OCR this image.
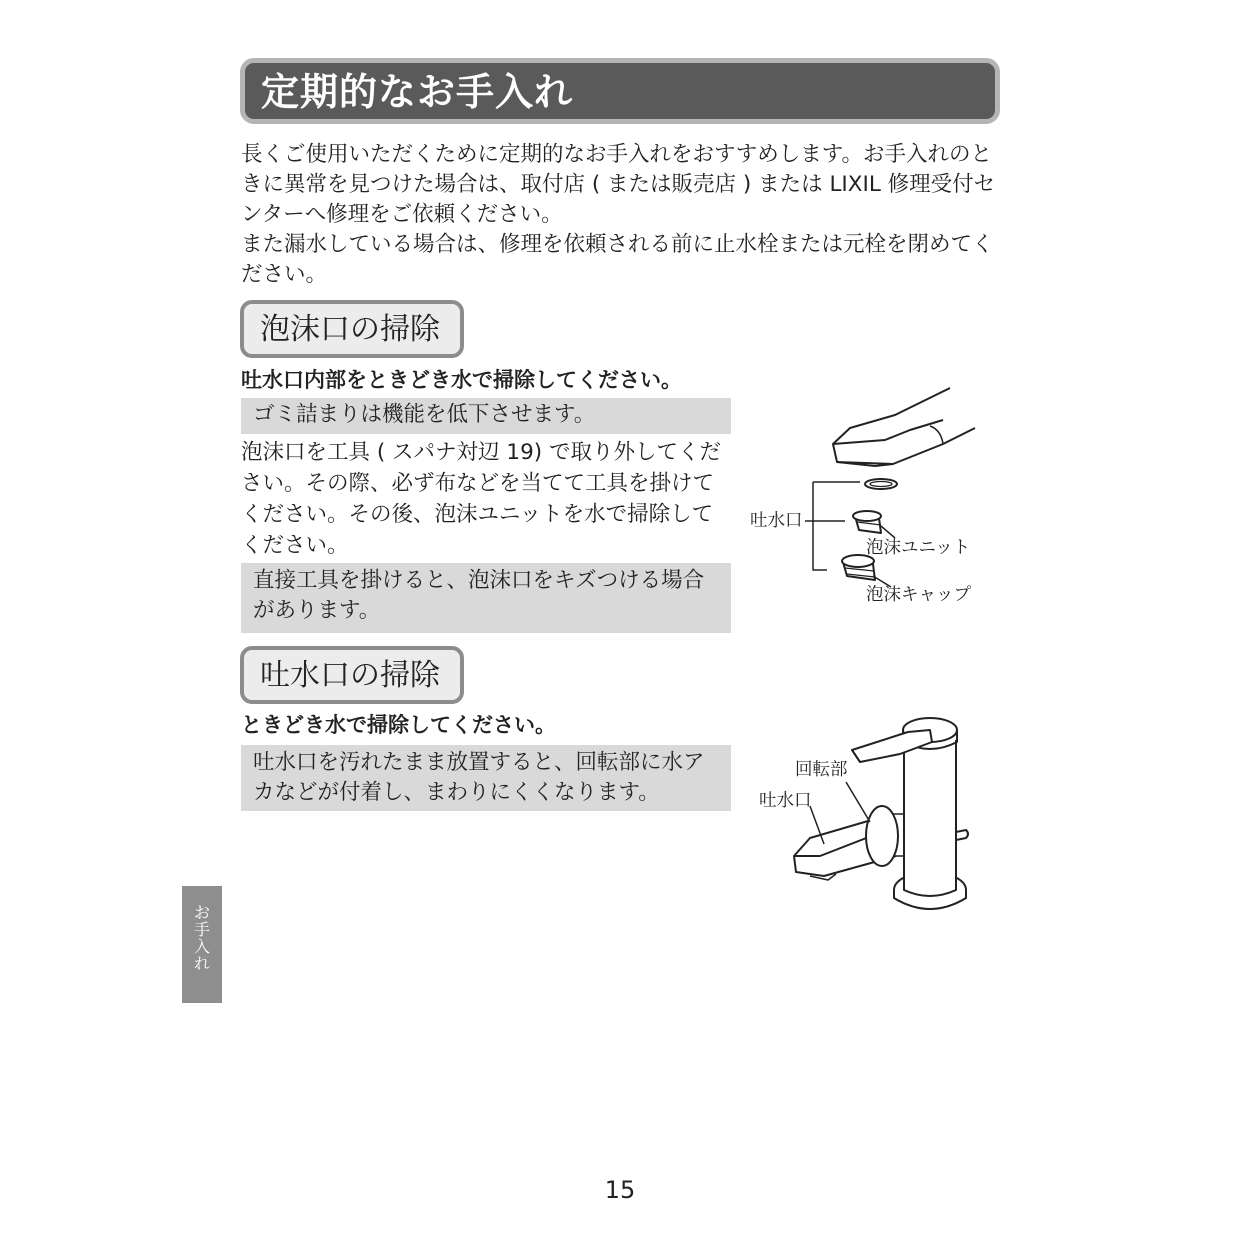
定期的なお手入れ

長くご使用いただくために定期的なお手入れをおすすめします。お手入れのときに異常を見つけた場合は、取付店 ( または販売店 ) または LIXIL 修理受付センターへ修理をご依頼ください。

また漏水している場合は、修理を依頼される前に止水栓または元栓を閉めてください。

泡沫口の掃除
吐水口内部をときどき水で掃除してください。
ゴミ詰まりは機能を低下させます。
泡沫口を工具 ( スパナ対辺 19) で取り外してください。その際、必ず布などを当てて工具を掛けてください。その後、泡沫ユニットを水で掃除してください。
直接工具を掛けると、泡沫口をキズつける場合があります。
吐水口
泡沫ユニット
泡沫キャップ
吐水口の掃除
ときどき水で掃除してください。
吐水口を汚れたまま放置すると、回転部に水アカなどが付着し、まわりにくくなります。
回転部
吐水口
お手入れ
15
